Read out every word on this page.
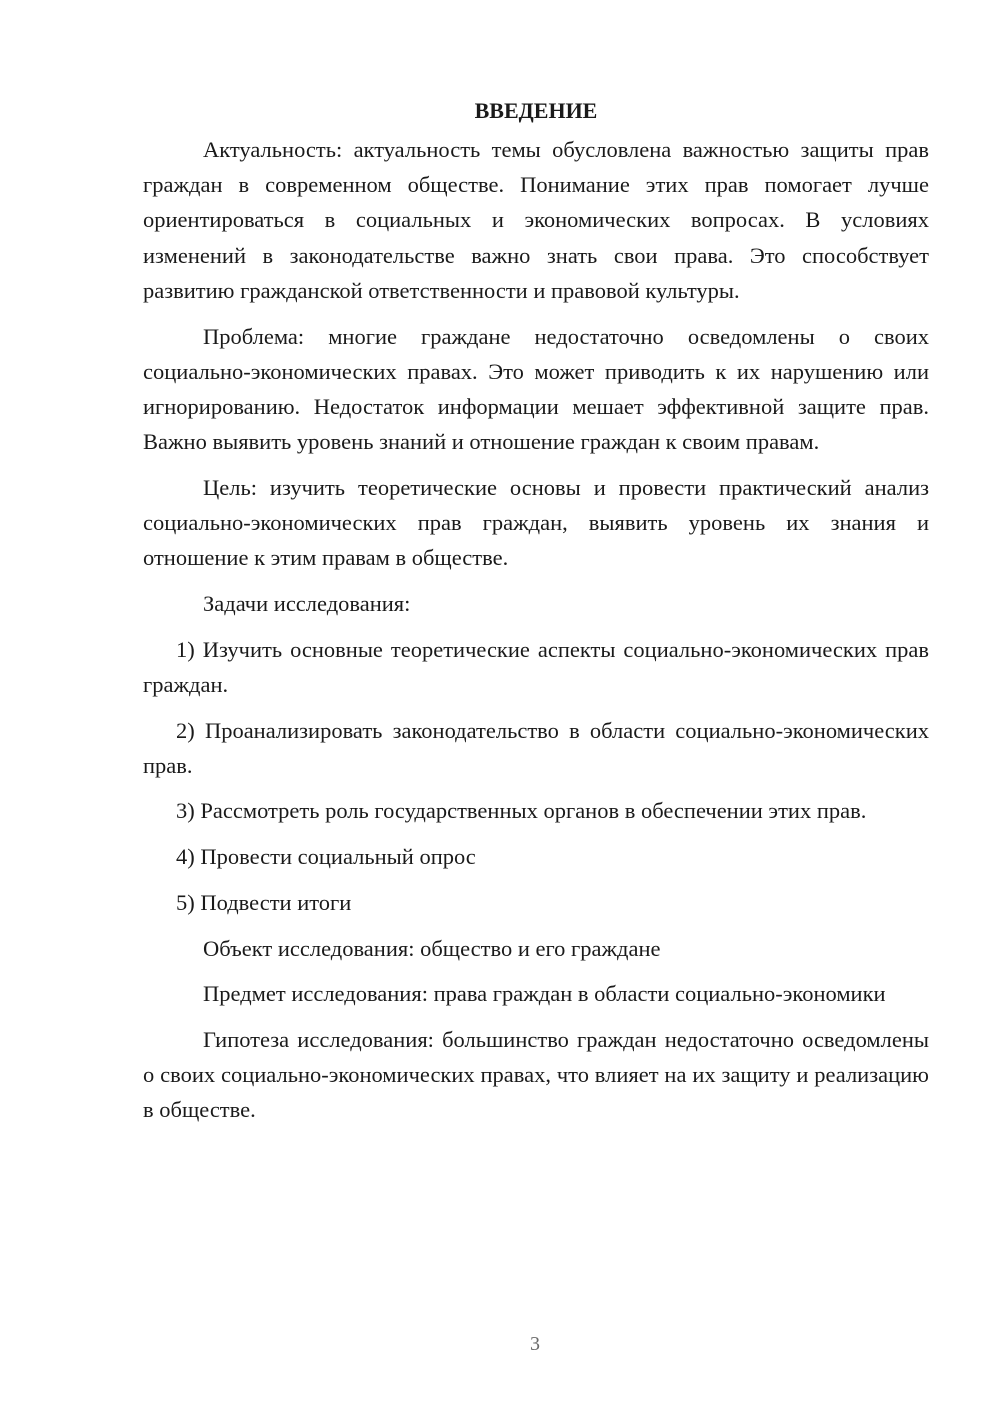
ВВЕДЕНИЕ

Актуальность: актуальность темы обусловлена важностью защиты прав граждан в современном обществе. Понимание этих прав помогает лучше ориентироваться в социальных и экономических вопросах. В условиях изменений в законодательстве важно знать свои права. Это способствует развитию гражданской ответственности и правовой культуры.

Проблема: многие граждане недостаточно осведомлены о своих социально-экономических правах. Это может приводить к их нарушению или игнорированию. Недостаток информации мешает эффективной защите прав. Важно выявить уровень знаний и отношение граждан к своим правам.

Цель: изучить теоретические основы и провести практический анализ социально-экономических прав граждан, выявить уровень их знания и отношение к этим правам в обществе.

Задачи исследования:

1) Изучить основные теоретические аспекты социально-экономических прав граждан.

2) Проанализировать законодательство в области социально-экономических прав.

3) Рассмотреть роль государственных органов в обеспечении этих прав.

4) Провести социальный опрос

5) Подвести итоги

Объект исследования: общество и его граждане

Предмет исследования: права граждан в области социально-экономики

Гипотеза исследования: большинство граждан недостаточно осведомлены о своих социально-экономических правах, что влияет на их защиту и реализацию в обществе.

3
